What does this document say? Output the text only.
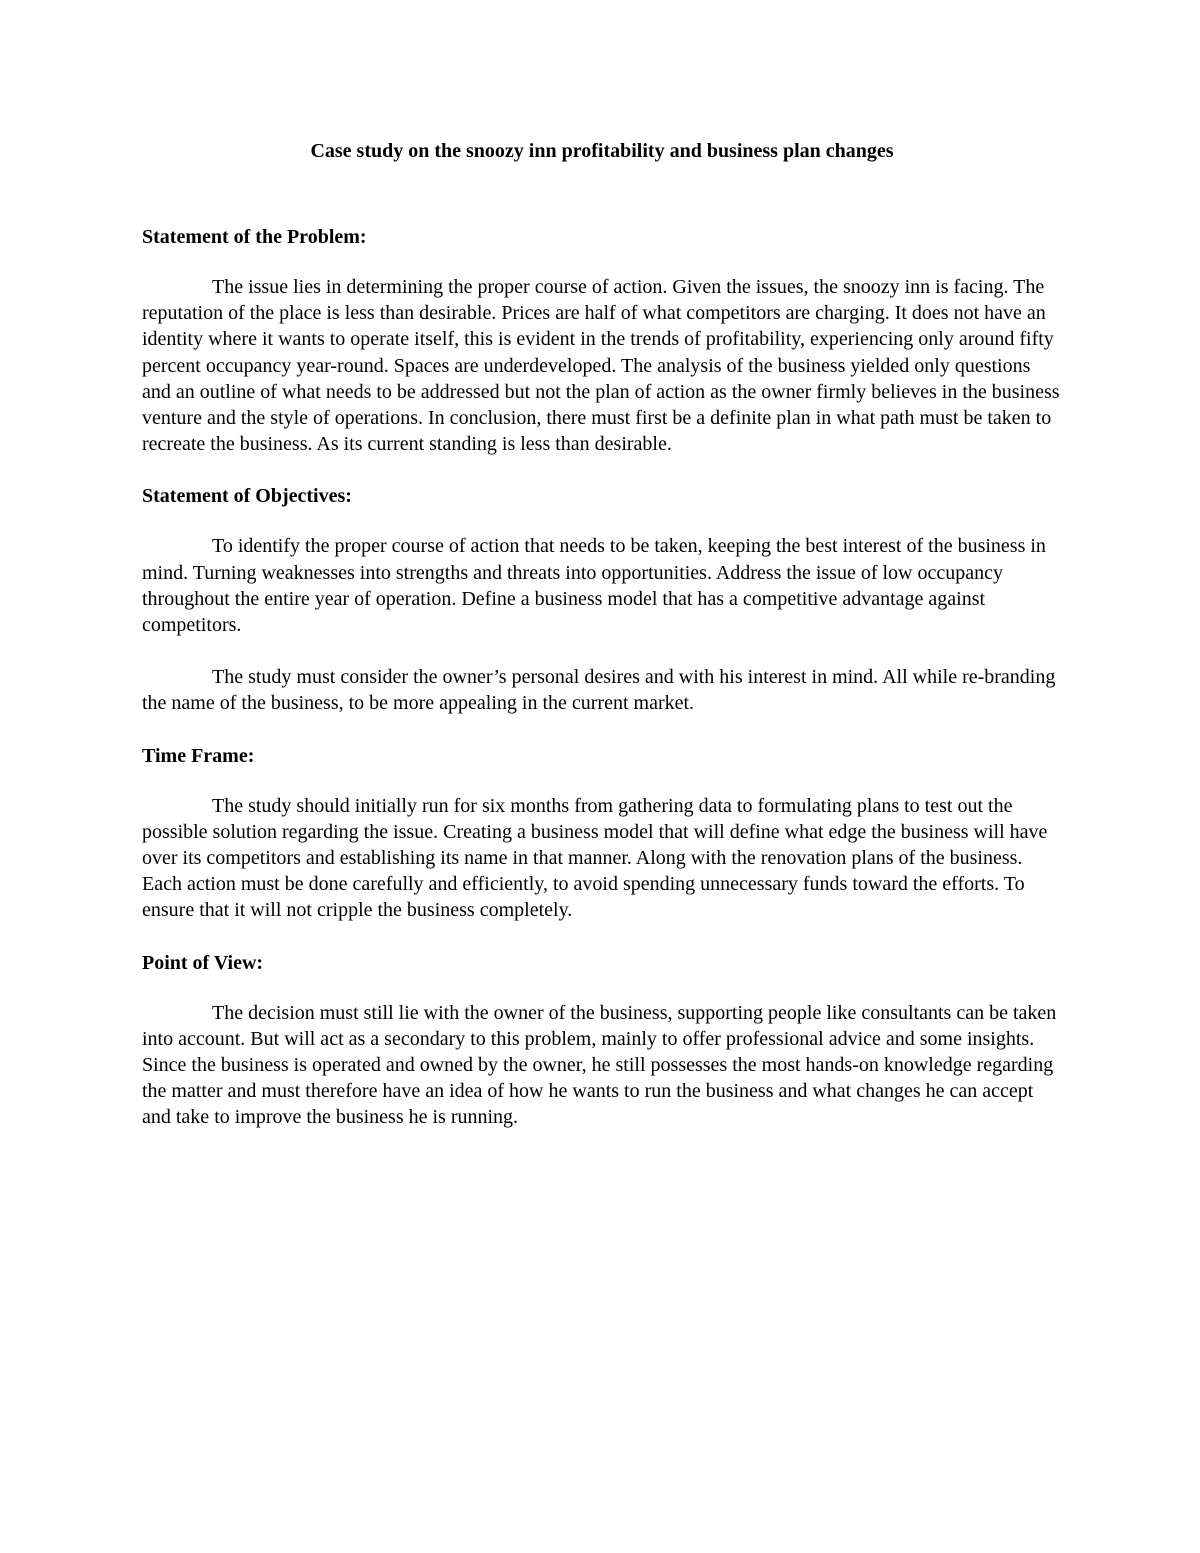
Case study on the snoozy inn profitability and business plan changes
Statement of the Problem:

The issue lies in determining the proper course of action. Given the issues, the snoozy inn is facing. The reputation of the place is less than desirable. Prices are half of what competitors are charging. It does not have an identity where it wants to operate itself, this is evident in the trends of profitability, experiencing only around fifty percent occupancy year-round. Spaces are underdeveloped. The analysis of the business yielded only questions and an outline of what needs to be addressed but not the plan of action as the owner firmly believes in the business venture and the style of operations. In conclusion, there must first be a definite plan in what path must be taken to recreate the business. As its current standing is less than desirable.

Statement of Objectives:

To identify the proper course of action that needs to be taken, keeping the best interest of the business in mind. Turning weaknesses into strengths and threats into opportunities. Address the issue of low occupancy throughout the entire year of operation. Define a business model that has a competitive advantage against competitors.

The study must consider the owner’s personal desires and with his interest in mind. All while re-branding the name of the business, to be more appealing in the current market.

Time Frame:

The study should initially run for six months from gathering data to formulating plans to test out the possible solution regarding the issue. Creating a business model that will define what edge the business will have over its competitors and establishing its name in that manner. Along with the renovation plans of the business. Each action must be done carefully and efficiently, to avoid spending unnecessary funds toward the efforts. To ensure that it will not cripple the business completely.

Point of View:

The decision must still lie with the owner of the business, supporting people like consultants can be taken into account. But will act as a secondary to this problem, mainly to offer professional advice and some insights. Since the business is operated and owned by the owner, he still possesses the most hands-on knowledge regarding the matter and must therefore have an idea of how he wants to run the business and what changes he can accept and take to improve the business he is running.
